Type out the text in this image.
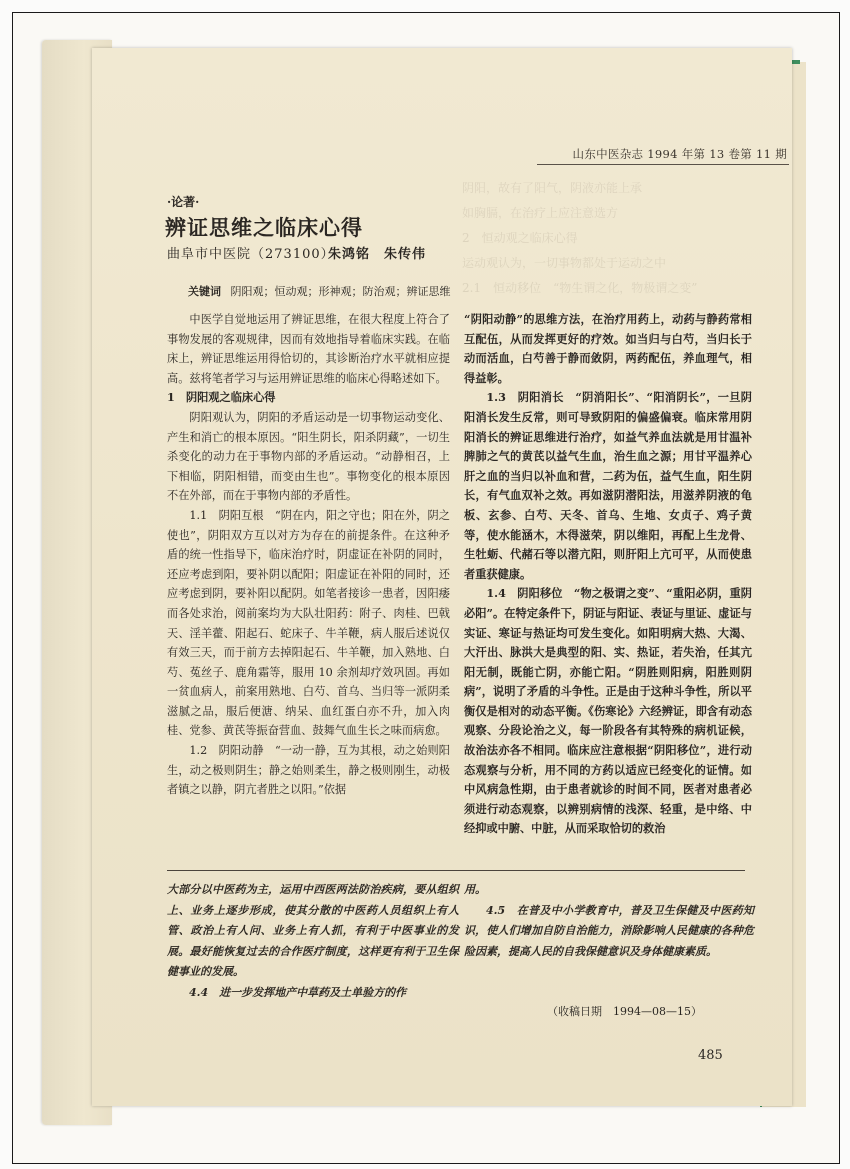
阴阳，故有了阳气，阴液亦能上承
如胸膈，在治疗上应注意选方
2　恒动观之临床心得
运动观认为，一切事物都处于运动之中
2.1　恒动移位　“物生谓之化，物极谓之变”
山东中医杂志 1994 年第 13 卷第 11 期
·论著·
辨证思维之临床心得
曲阜市中医院（273100）
朱鸿铭　朱传伟
关键词 阴阳观；恒动观；形神观；防治观；辨证思维

中医学自觉地运用了辨证思维，在很大程度上符合了事物发展的客观规律，因而有效地指导着临床实践。在临床上，辨证思维运用得恰切的，其诊断治疗水平就相应提高。兹将笔者学习与运用辨证思维的临床心得略述如下。

1　阴阳观之临床心得

阴阳观认为，阴阳的矛盾运动是一切事物运动变化、产生和消亡的根本原因。“阳生阴长，阳杀阴藏”，一切生杀变化的动力在于事物内部的矛盾运动。“动静相召，上下相临，阴阳相错，而变由生也”。事物变化的根本原因不在外部，而在于事物内部的矛盾性。

1.1　阴阳互根　“阴在内，阳之守也；阳在外，阴之使也”，阴阳双方互以对方为存在的前提条件。在这种矛盾的统一性指导下，临床治疗时，阴虚证在补阴的同时，还应考虑到阳，要补阴以配阳；阳虚证在补阳的同时，还应考虑到阴，要补阳以配阴。如笔者接诊一患者，因阳痿而各处求治，阅前案均为大队壮阳药：附子、肉桂、巴戟天、淫羊藿、阳起石、蛇床子、牛羊鞭，病人服后述说仅有效三天，而于前方去掉阳起石、牛羊鞭，加入熟地、白芍、菟丝子、鹿角霜等，服用 10 余剂却疗效巩固。再如一贫血病人，前案用熟地、白芍、首乌、当归等一派阴柔滋腻之品，服后便溏、纳呆、血红蛋白亦不升，加入肉桂、党参、黄芪等振奋营血、鼓舞气血生长之味而病愈。

1.2　阴阳动静　“一动一静，互为其根，动之始则阳生，动之极则阴生；静之始则柔生，静之极则刚生，动极者镇之以静，阴亢者胜之以阳。”依据

“阴阳动静”的思维方法，在治疗用药上，动药与静药常相互配伍，从而发挥更好的疗效。如当归与白芍，当归长于动而活血，白芍善于静而敛阴，两药配伍，养血理气，相得益彰。

1.3　阴阳消长　“阴消阳长”、“阳消阴长”，一旦阴阳消长发生反常，则可导致阴阳的偏盛偏衰。临床常用阴阳消长的辨证思维进行治疗，如益气养血法就是用甘温补脾肺之气的黄芪以益气生血，治生血之源；用甘平温养心肝之血的当归以补血和营，二药为伍，益气生血，阳生阴长，有气血双补之效。再如滋阴潜阳法，用滋养阴液的龟板、玄参、白芍、天冬、首乌、生地、女贞子、鸡子黄等，使水能涵木，木得滋荣，阴以维阳，再配上生龙骨、生牡蛎、代赭石等以潜亢阳，则肝阳上亢可平，从而使患者重获健康。

1.4　阴阳移位　“物之极谓之变”、“重阳必阴，重阴必阳”。在特定条件下，阴证与阳证、表证与里证、虚证与实证、寒证与热证均可发生变化。如阳明病大热、大渴、大汗出、脉洪大是典型的阳、实、热证，若失治，任其亢阳无制，既能亡阴，亦能亡阳。“阴胜则阳病，阳胜则阴病”，说明了矛盾的斗争性。正是由于这种斗争性，所以平衡仅是相对的动态平衡。《伤寒论》六经辨证，即含有动态观察、分段论治之义，每一阶段各有其特殊的病机证候，故治法亦各不相同。临床应注意根据“阴阳移位”，进行动态观察与分析，用不同的方药以适应已经变化的证情。如中风病急性期，由于患者就诊的时间不同，医者对患者必须进行动态观察，以辨别病情的浅深、轻重，是中络、中经抑或中腑、中脏，从而采取恰切的救治

大部分以中医药为主，运用中西医两法防治疾病，要从组织上、业务上逐步形成，使其分散的中医药人员组织上有人管、政治上有人问、业务上有人抓，有利于中医事业的发展。最好能恢复过去的合作医疗制度，这样更有利于卫生保健事业的发展。

4.4　进一步发挥地产中草药及土单验方的作

用。

4.5　在普及中小学教育中，普及卫生保健及中医药知识，使人们增加自防自治能力，消除影响人民健康的各种危险因素，提高人民的自我保健意识及身体健康素质。

（收稿日期　1994—08—15）
485
